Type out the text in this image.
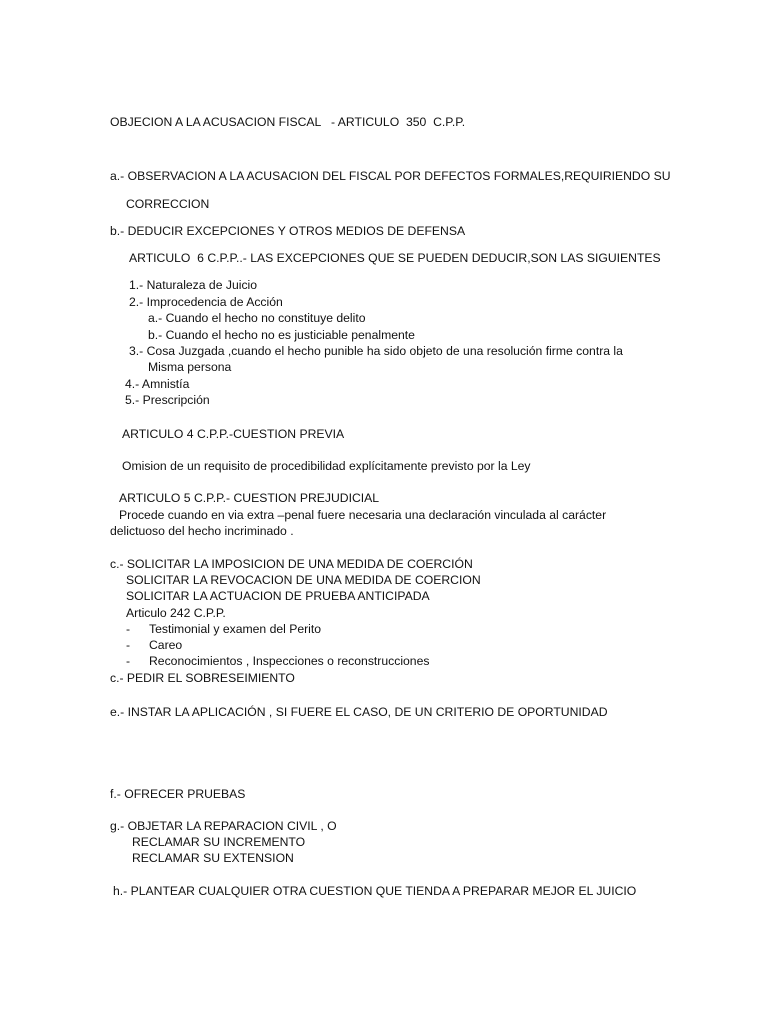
OBJECION A LA ACUSACION FISCAL   - ARTICULO  350  C.P.P.

a.- OBSERVACION A LA ACUSACION DEL FISCAL POR DEFECTOS FORMALES,REQUIRIENDO SU

CORRECCION

b.- DEDUCIR EXCEPCIONES Y OTROS MEDIOS DE DEFENSA

ARTICULO  6 C.P.P..- LAS EXCEPCIONES QUE SE PUEDEN DEDUCIR,SON LAS SIGUIENTES

1.- Naturaleza de Juicio

2.- Improcedencia de Acción

a.- Cuando el hecho no constituye delito

b.- Cuando el hecho no es justiciable penalmente

3.- Cosa Juzgada ,cuando el hecho punible ha sido objeto de una resolución firme contra la

Misma persona

4.- Amnistía

5.- Prescripción

ARTICULO 4 C.P.P.-CUESTION PREVIA

Omision de un requisito de procedibilidad explícitamente previsto por la Ley

ARTICULO 5 C.P.P.- CUESTION PREJUDICIAL

Procede cuando en via extra –penal fuere necesaria una declaración vinculada al carácter

delictuoso del hecho incriminado .

c.- SOLICITAR LA IMPOSICION DE UNA MEDIDA DE COERCIÓN

SOLICITAR LA REVOCACION DE UNA MEDIDA DE COERCION

SOLICITAR LA ACTUACION DE PRUEBA ANTICIPADA

Articulo 242 C.P.P.

- Testimonial y examen del Perito

- Careo

- Reconocimientos , Inspecciones o reconstrucciones

c.- PEDIR EL SOBRESEIMIENTO

e.- INSTAR LA APLICACIÓN , SI FUERE EL CASO, DE UN CRITERIO DE OPORTUNIDAD

f.- OFRECER PRUEBAS

g.- OBJETAR LA REPARACION CIVIL , O

RECLAMAR SU INCREMENTO

RECLAMAR SU EXTENSION

h.- PLANTEAR CUALQUIER OTRA CUESTION QUE TIENDA A PREPARAR MEJOR EL JUICIO
